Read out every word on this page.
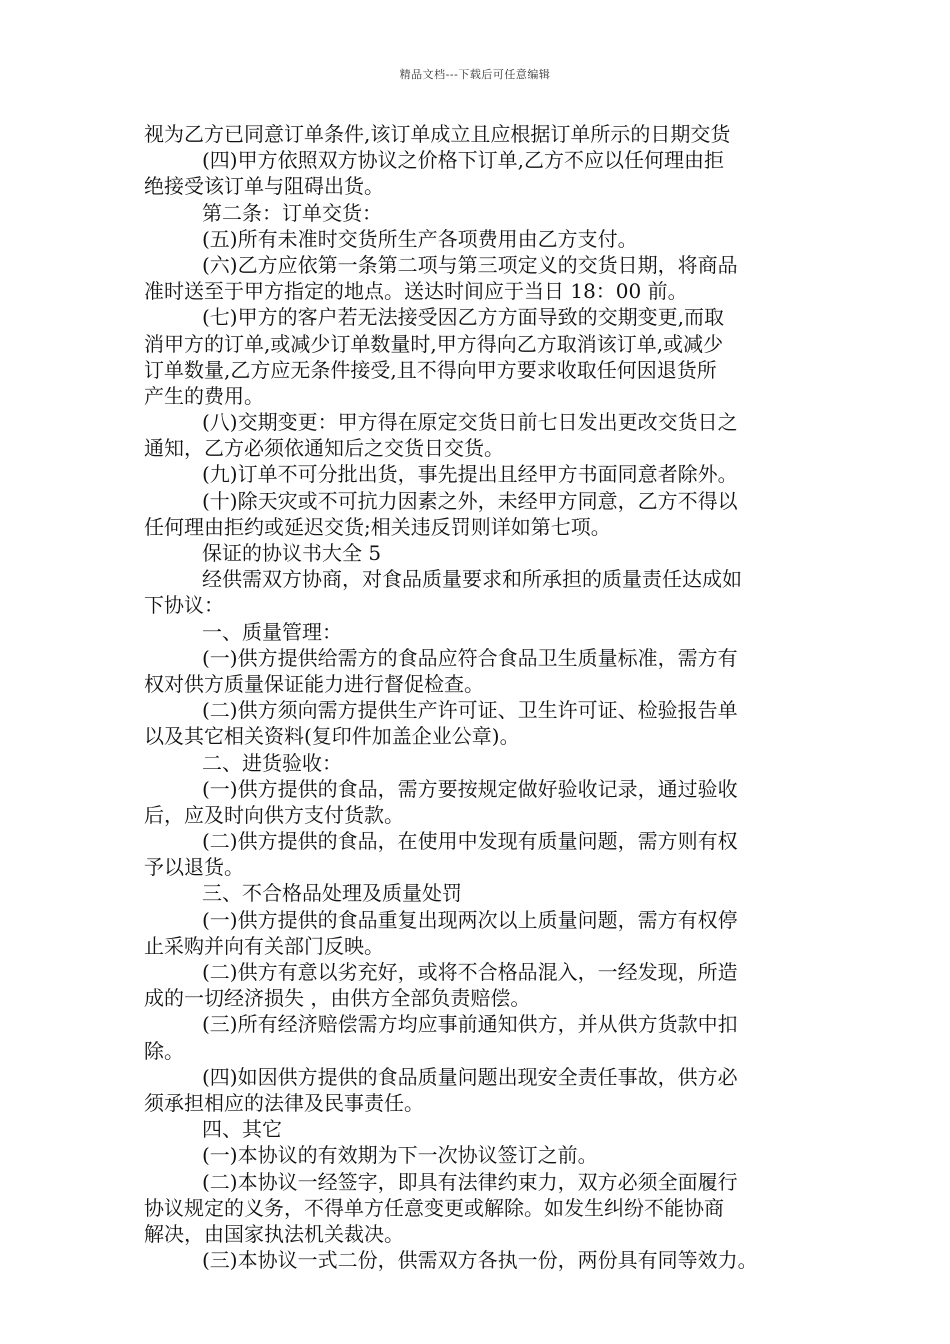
精品文档---下载后可任意编辑
视为乙方已同意订单条件,该订单成立且应根据订单所示的日期交货
(四)甲方依照双方协议之价格下订单,乙方不应以任何理由拒
绝接受该订单与阻碍出货。
第二条：订单交货：
(五)所有未准时交货所生产各项费用由乙方支付。
(六)乙方应依第一条第二项与第三项定义的交货日期，将商品
准时送至于甲方指定的地点。送达时间应于当日 18：00 前。
(七)甲方的客户若无法接受因乙方方面导致的交期变更,而取
消甲方的订单,或减少订单数量时,甲方得向乙方取消该订单,或减少
订单数量,乙方应无条件接受,且不得向甲方要求收取任何因退货所
产生的费用。
(八)交期变更：甲方得在原定交货日前七日发出更改交货日之
通知，乙方必须依通知后之交货日交货。
(九)订单不可分批出货，事先提出且经甲方书面同意者除外。
(十)除天灾或不可抗力因素之外，未经甲方同意，乙方不得以
任何理由拒约或延迟交货;相关违反罚则详如第七项。
保证的协议书大全 5
经供需双方协商，对食品质量要求和所承担的质量责任达成如
下协议：
一、质量管理：
(一)供方提供给需方的食品应符合食品卫生质量标准，需方有
权对供方质量保证能力进行督促检查。
(二)供方须向需方提供生产许可证、卫生许可证、检验报告单
以及其它相关资料(复印件加盖企业公章)。
二、进货验收：
(一)供方提供的食品，需方要按规定做好验收记录，通过验收
后，应及时向供方支付货款。
(二)供方提供的食品，在使用中发现有质量问题，需方则有权
予以退货。
三、不合格品处理及质量处罚
(一)供方提供的食品重复出现两次以上质量问题，需方有权停
止采购并向有关部门反映。
(二)供方有意以劣充好，或将不合格品混入，一经发现，所造
成的一切经济损失 ，由供方全部负责赔偿。
(三)所有经济赔偿需方均应事前通知供方，并从供方货款中扣
除。
(四)如因供方提供的食品质量问题出现安全责任事故，供方必
须承担相应的法律及民事责任。
四、其它
(一)本协议的有效期为下一次协议签订之前。
(二)本协议一经签字，即具有法律约束力，双方必须全面履行
协议规定的义务，不得单方任意变更或解除。如发生纠纷不能协商
解决，由国家执法机关裁决。
(三)本协议一式二份，供需双方各执一份，两份具有同等效力。
